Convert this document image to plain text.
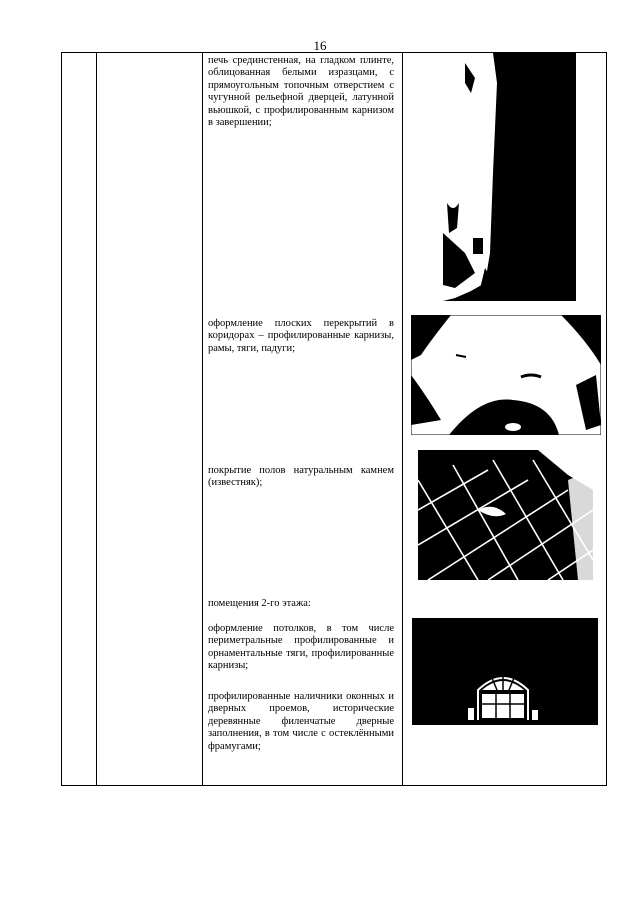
16
печь срединстенная, на гладком плинте, облицованная белыми изразцами, с прямоугольным топочным отверстием с чугунной рельефной дверцей, латунной вьюшкой, с профилированным карнизом в завершении;
оформление плоских перекрытий в коридорах – профилированные карнизы, рамы, тяги, падуги;
покрытие полов натуральным камнем (известняк);
помещения 2-го этажа:
оформление потолков, в том числе периметральные профилированные и орнаментальные тяги, профилированные карнизы;
профилированные наличники оконных и дверных проемов, исторические деревянные филенчатые дверные заполнения, в том числе с остеклёнными фрамугами;
